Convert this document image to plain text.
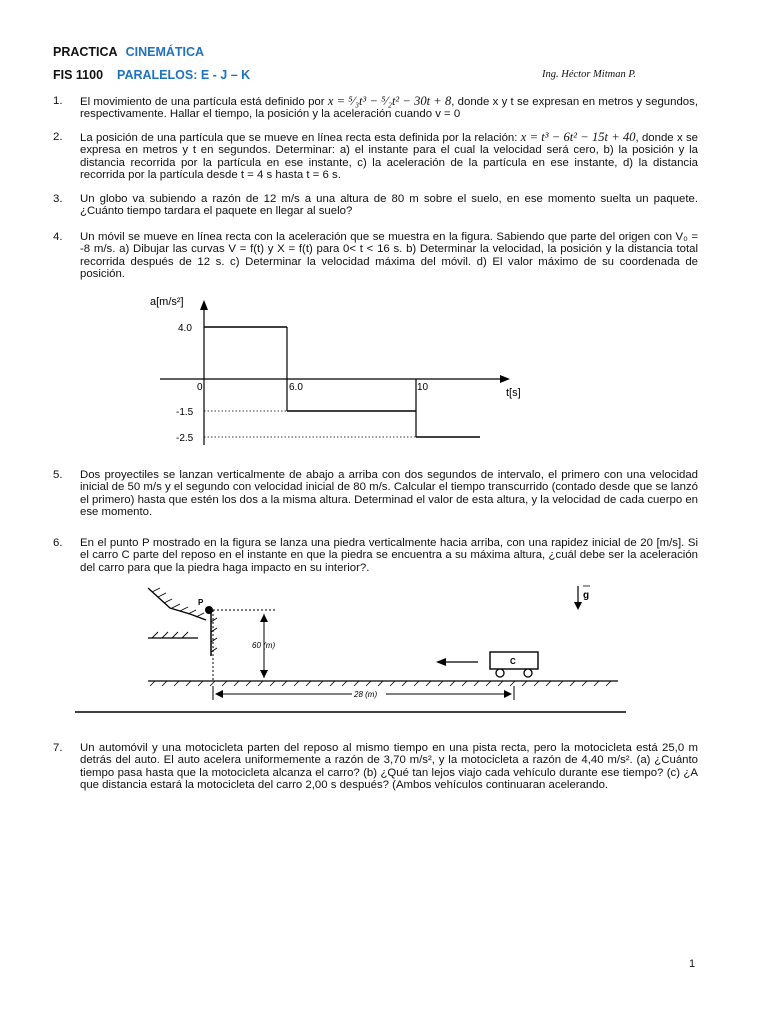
PRACTICA CINEMÁTICA
FIS 1100 PARALELOS: E - J – K	Ing. Héctor Mitman P.
1.	El movimiento de una partícula está definido por x = ⁵⁄₃t³ − ⁵⁄₂t² − 30t + 8, donde x y t se expresan en metros y segundos, respectivamente. Hallar el tiempo, la posición y la aceleración cuando v = 0
2.	La posición de una partícula que se mueve en línea recta esta definida por la relación: x = t³ − 6t² − 15t + 40, donde x se expresa en metros y t en segundos. Determinar: a) el instante para el cual la velocidad será cero, b) la posición y la distancia recorrida por la partícula en ese instante, c) la aceleración de la partícula en ese instante, d) la distancia recorrida por la partícula desde t = 4 s hasta t = 6 s.
3.	Un globo va subiendo a razón de 12 m/s a una altura de 80 m sobre el suelo, en ese momento suelta un paquete. ¿Cuánto tiempo tardara el paquete en llegar al suelo?
4.	Un móvil se mueve en línea recta con la aceleración que se muestra en la figura. Sabiendo que parte del origen con V₀ = -8 m/s. a) Dibujar las curvas V = f(t) y X = f(t) para 0< t < 16 s. b) Determinar la velocidad, la posición y la distancia total recorrida después de 12 s. c) Determinar la velocidad máxima del móvil. d) El valor máximo de su coordenada de posición.
a[m/s²]
4.0
-1.5
-2.5
0	6.0	10	t[s]
5.	Dos proyectiles se lanzan verticalmente de abajo a arriba con dos segundos de intervalo, el primero con una velocidad inicial de 50 m/s y el segundo con velocidad inicial de 80 m/s. Calcular el tiempo transcurrido (contado desde que se lanzó el primero) hasta que estén los dos a la misma altura. Determinad el valor de esta altura, y la velocidad de cada cuerpo en ese momento.
6.	En el punto P mostrado en la figura se lanza una piedra verticalmente hacia arriba, con una rapidez inicial de 20 [m/s]. Si el carro C parte del reposo en el instante en que la piedra se encuentra a su máxima altura, ¿cuál debe ser la aceleración del carro para que la piedra haga impacto en su interior?.
P
60 (m)
C
28 (m)
g
7.	Un automóvil y una motocicleta parten del reposo al mismo tiempo en una pista recta, pero la motocicleta está 25,0 m detrás del auto. El auto acelera uniformemente a razón de 3,70 m/s², y la motocicleta a razón de 4,40 m/s². (a) ¿Cuánto tiempo pasa hasta que la motocicleta alcanza el carro? (b) ¿Qué tan lejos viajo cada vehículo durante ese tiempo? (c) ¿A que distancia estará la motocicleta del carro 2,00 s después? (Ambos vehículos continuaran acelerando.
1
